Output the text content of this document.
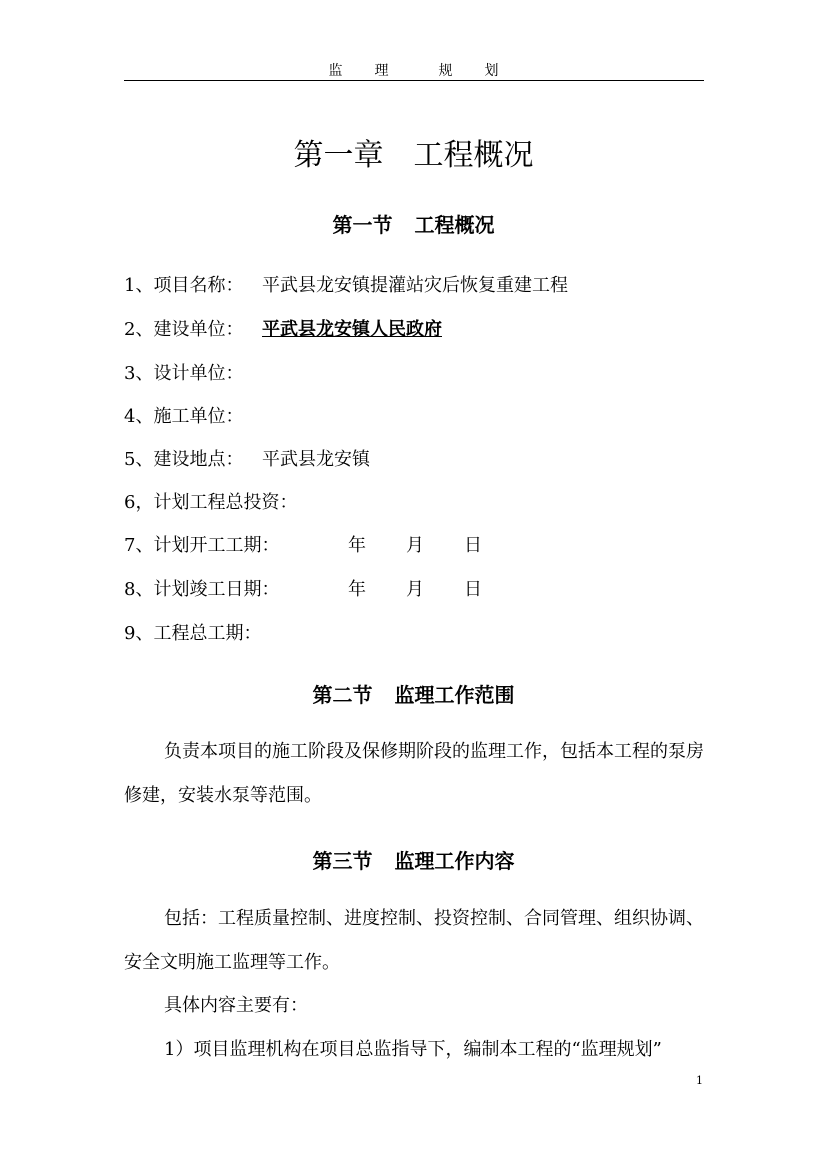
监 理	规 划
第一章 工程概况
第一节 工程概况
1、项目名称： 平武县龙安镇提灌站灾后恢复重建工程
2、建设单位： 平武县龙安镇人民政府
3、设计单位：
4、施工单位：
5、建设地点： 平武县龙安镇
6，计划工程总投资：
7、计划开工工期：	年 月 日
8、计划竣工日期：	年 月 日
9、工程总工期：
第二节 监理工作范围
负责本项目的施工阶段及保修期阶段的监理工作，包括本工程的泵房修建，安装水泵等范围。
第三节 监理工作内容
包括：工程质量控制、进度控制、投资控制、合同管理、组织协调、安全文明施工监理等工作。
具体内容主要有：
1）项目监理机构在项目总监指导下，编制本工程的“监理规划”
1
